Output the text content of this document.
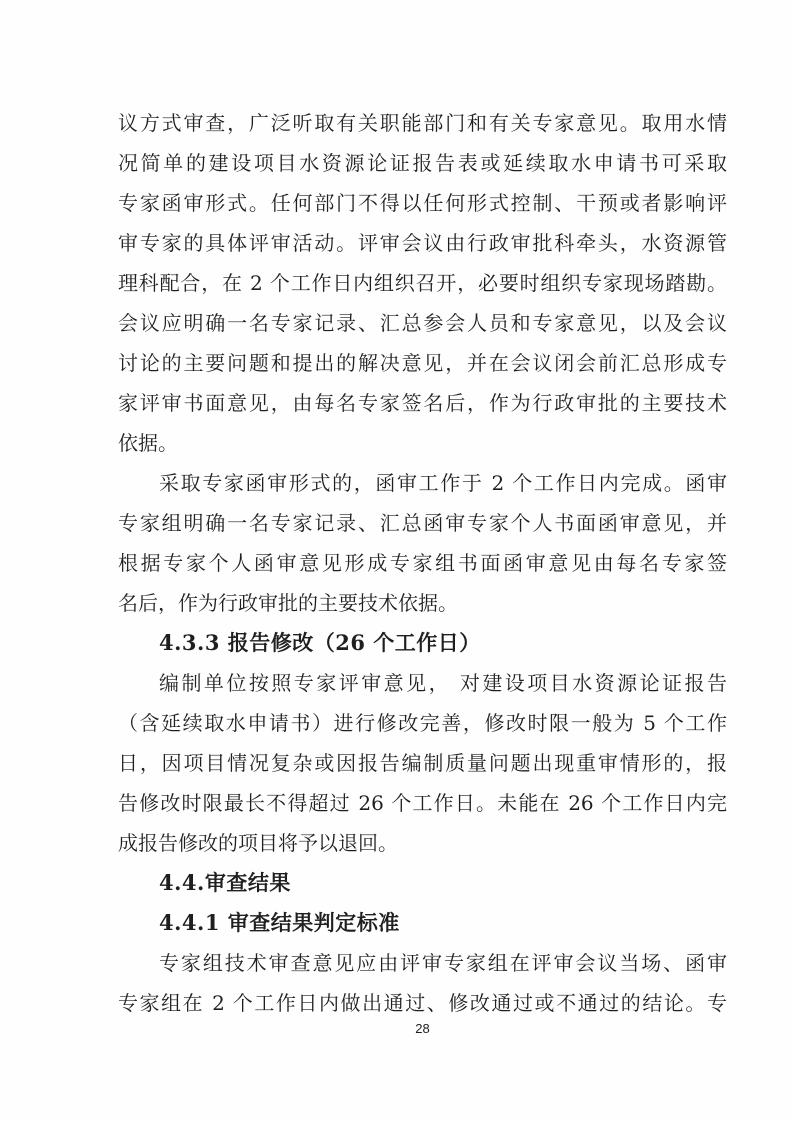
议方式审查，广泛听取有关职能部门和有关专家意见。取用水情
况简单的建设项目水资源论证报告表或延续取水申请书可采取
专家函审形式。任何部门不得以任何形式控制、干预或者影响评
审专家的具体评审活动。评审会议由行政审批科牵头，水资源管
理科配合，在 2 个工作日内组织召开，必要时组织专家现场踏勘。
会议应明确一名专家记录、汇总参会人员和专家意见，以及会议
讨论的主要问题和提出的解决意见，并在会议闭会前汇总形成专
家评审书面意见，由每名专家签名后，作为行政审批的主要技术
依据。
采取专家函审形式的，函审工作于 2 个工作日内完成。函审
专家组明确一名专家记录、汇总函审专家个人书面函审意见，并
根据专家个人函审意见形成专家组书面函审意见由每名专家签
名后，作为行政审批的主要技术依据。
4.3.3 报告修改（26 个工作日）
编制单位按照专家评审意见， 对建设项目水资源论证报告
（含延续取水申请书）进行修改完善，修改时限一般为 5 个工作
日，因项目情况复杂或因报告编制质量问题出现重审情形的，报
告修改时限最长不得超过 26 个工作日。未能在 26 个工作日内完
成报告修改的项目将予以退回。
4.4.审查结果
4.4.1 审查结果判定标准
专家组技术审查意见应由评审专家组在评审会议当场、函审
专家组在 2 个工作日内做出通过、修改通过或不通过的结论。专
28
